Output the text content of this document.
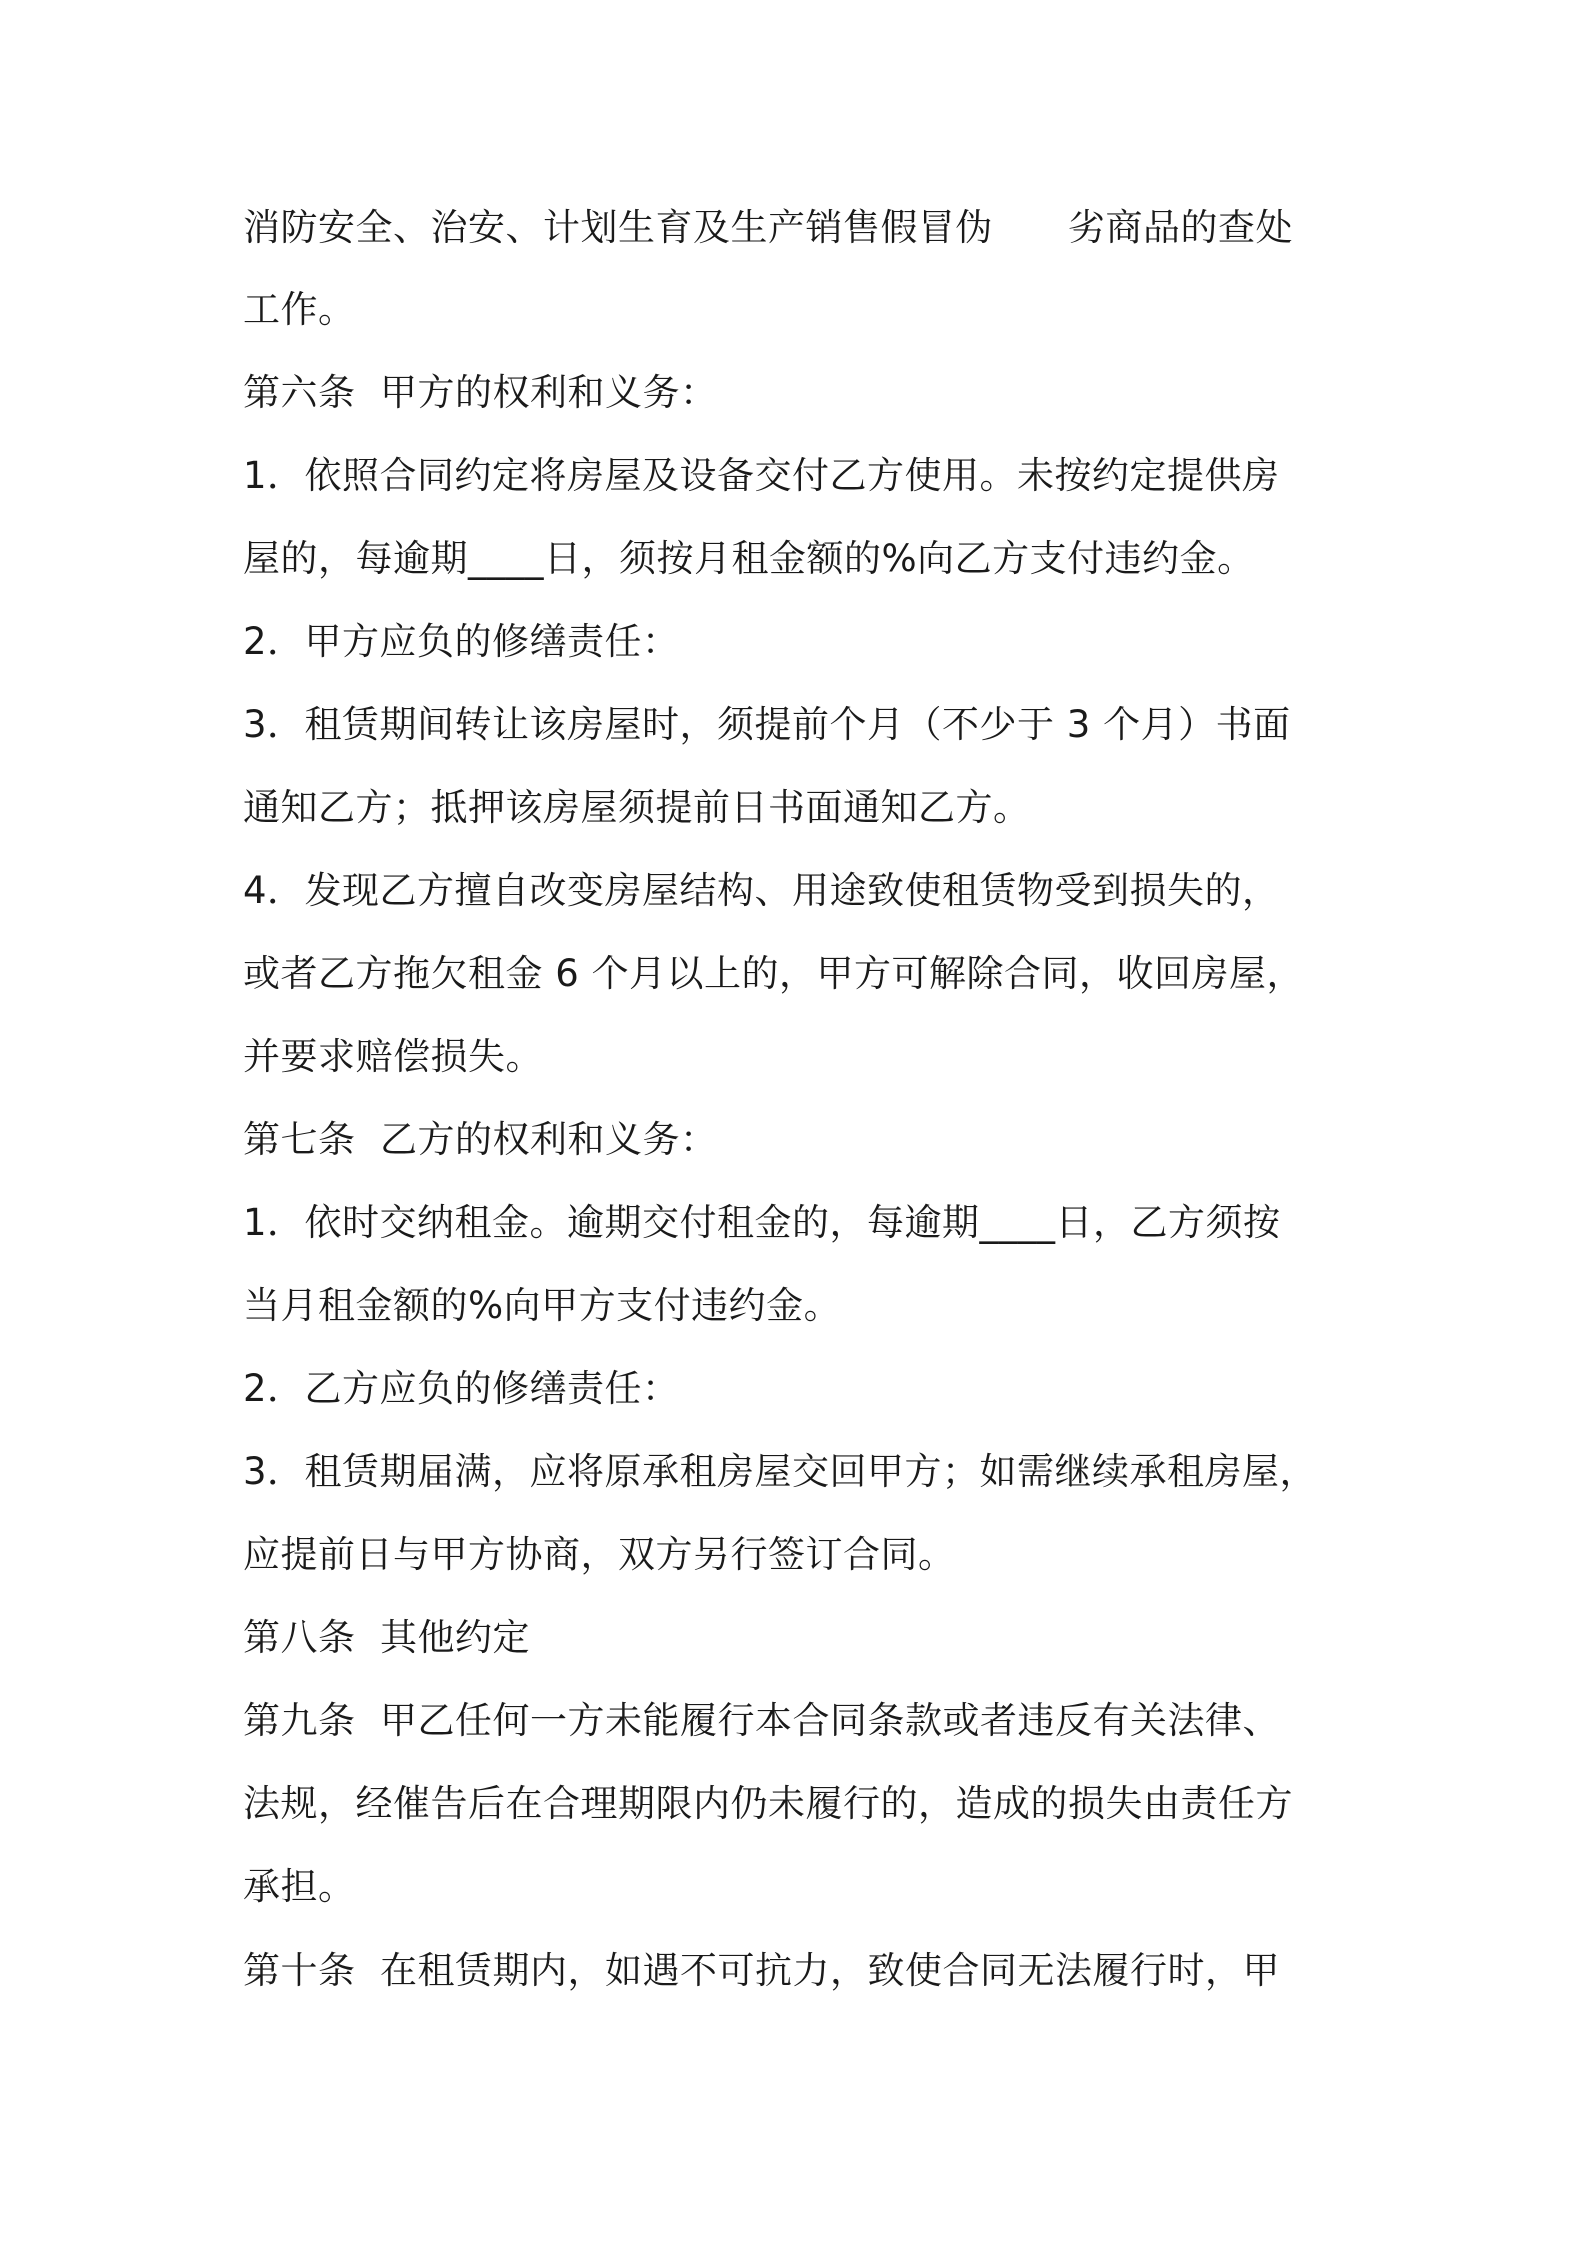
消防安全、治安、计划生育及生产销售假冒伪　　劣商品的查处
工作。
第六条  甲方的权利和义务：
1．依照合同约定将房屋及设备交付乙方使用。未按约定提供房
屋的，每逾期____日，须按月租金额的%向乙方支付违约金。
2．甲方应负的修缮责任：
3．租赁期间转让该房屋时，须提前个月（不少于 3 个月）书面
通知乙方；抵押该房屋须提前日书面通知乙方。
4．发现乙方擅自改变房屋结构、用途致使租赁物受到损失的，
或者乙方拖欠租金 6 个月以上的，甲方可解除合同，收回房屋，
并要求赔偿损失。
第七条  乙方的权利和义务：
1．依时交纳租金。逾期交付租金的，每逾期____日，乙方须按
当月租金额的%向甲方支付违约金。
2．乙方应负的修缮责任：
3．租赁期届满，应将原承租房屋交回甲方；如需继续承租房屋，
应提前日与甲方协商，双方另行签订合同。
第八条  其他约定
第九条  甲乙任何一方未能履行本合同条款或者违反有关法律、
法规，经催告后在合理期限内仍未履行的，造成的损失由责任方
承担。
第十条  在租赁期内，如遇不可抗力，致使合同无法履行时，甲
